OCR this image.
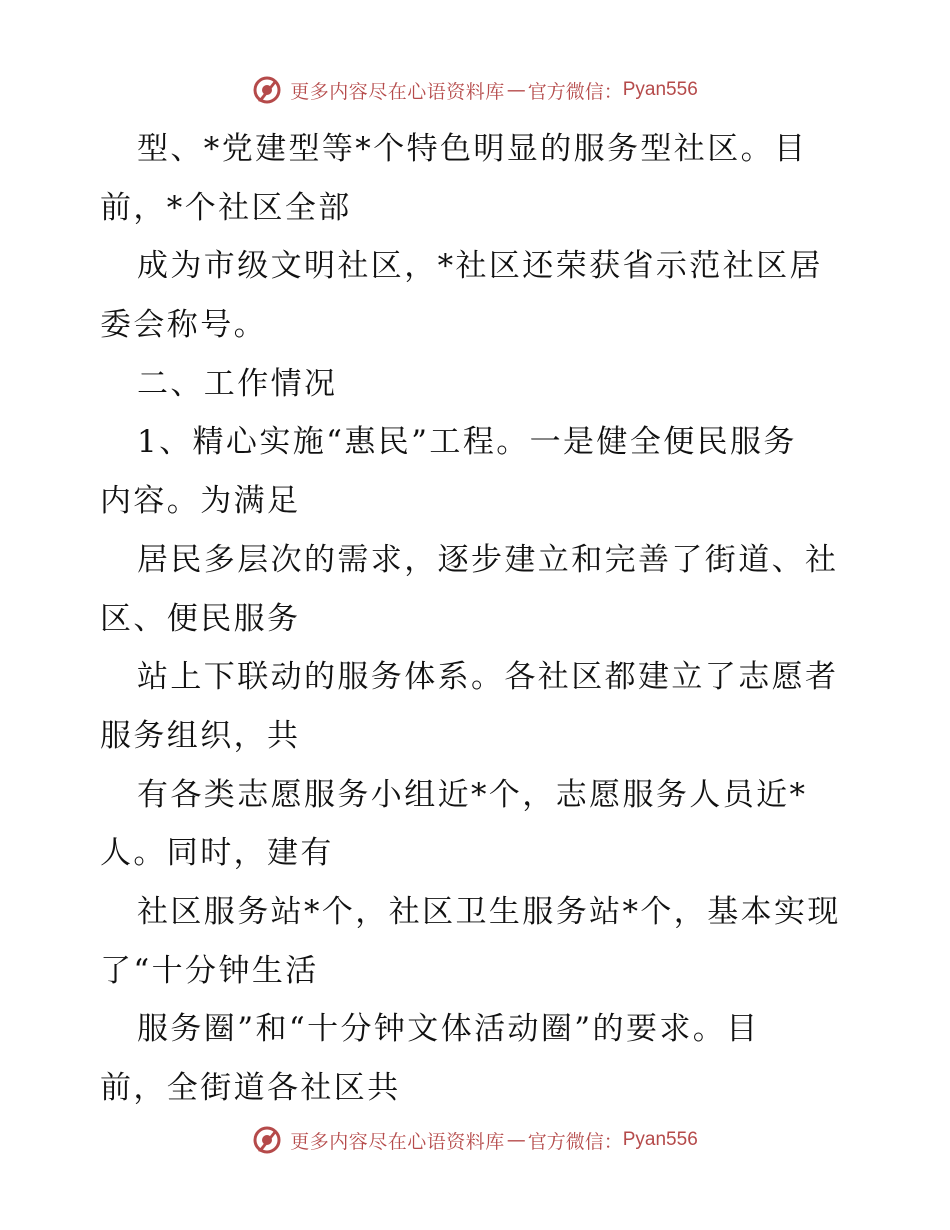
更多内容尽在心语资料库 — 官方微信： Pyan556
型、*党建型等*个特色明显的服务型社区。目
前，*个社区全部
成为市级文明社区，*社区还荣获省示范社区居
委会称号。
二、工作情况
1、精心实施“惠民”工程。一是健全便民服务
内容。为满足
居民多层次的需求，逐步建立和完善了街道、社
区、便民服务
站上下联动的服务体系。各社区都建立了志愿者
服务组织，共
有各类志愿服务小组近*个，志愿服务人员近*
人。同时，建有
社区服务站*个，社区卫生服务站*个，基本实现
了“十分钟生活
服务圈”和“十分钟文体活动圈”的要求。目
前，全街道各社区共
更多内容尽在心语资料库 — 官方微信： Pyan556
